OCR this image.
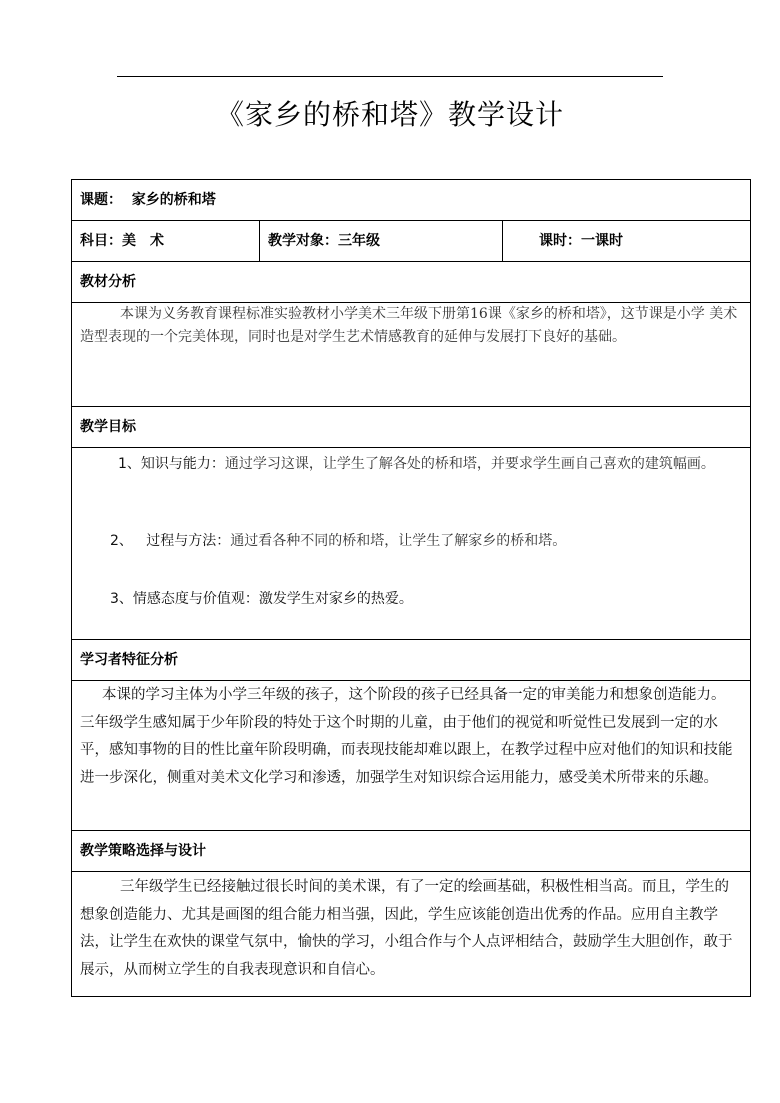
《家乡的桥和塔》教学设计
课题： 家乡的桥和塔
科目：美　术	教学对象：三年级	课时：一课时
教材分析

本课为义务教育课程标准实验教材小学美术三年级下册第16课《家乡的桥和塔》，这节课是小学 美术造型表现的一个完美体现，同时也是对学生艺术情感教育的延伸与发展打下良好的基础。

教学目标

1、知识与能力：通过学习这课，让学生了解各处的桥和塔，并要求学生画自己喜欢的建筑幅画。
2、 过程与方法：通过看各种不同的桥和塔，让学生了解家乡的桥和塔。
3、情感态度与价值观：激发学生对家乡的热爱。

学习者特征分析

本课的学习主体为小学三年级的孩子，这个阶段的孩子已经具备一定的审美能力和想象创造能力。 三年级学生感知属于少年阶段的特处于这个时期的儿童，由于他们的视觉和听觉性已发展到一定的水平，感知事物的目的性比童年阶段明确，而表现技能却难以跟上，在教学过程中应对他们的知识和技能进一步深化，侧重对美术文化学习和渗透，加强学生对知识综合运用能力，感受美术所带来的乐趣。

教学策略选择与设计

三年级学生已经接触过很长时间的美术课，有了一定的绘画基础，积极性相当高。而且，学生的想象创造能力、尤其是画图的组合能力相当强，因此，学生应该能创造出优秀的作品。应用自主教学法，让学生在欢快的课堂气氛中，愉快的学习，小组合作与个人点评相结合，鼓励学生大胆创作，敢于展示，从而树立学生的自我表现意识和自信心。
